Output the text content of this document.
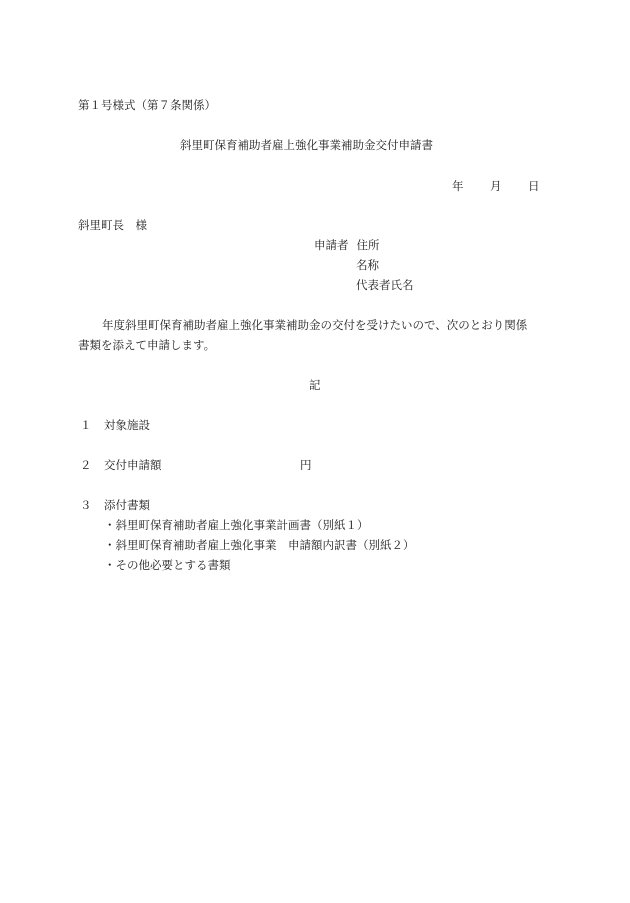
第１号様式（第７条関係）
斜里町保育補助者雇上強化事業補助金交付申請書
年 月 日
斜里町長　様
申請者 住所
名称
代表者氏名
年度斜里町保育補助者雇上強化事業補助金の交付を受けたいので、次のとおり関係
書類を添えて申請します。
記
１ 対象施設
２ 交付申請額	円
３ 添付書類
・斜里町保育補助者雇上強化事業計画書（別紙１）
・斜里町保育補助者雇上強化事業　申請額内訳書（別紙２）
・その他必要とする書類
